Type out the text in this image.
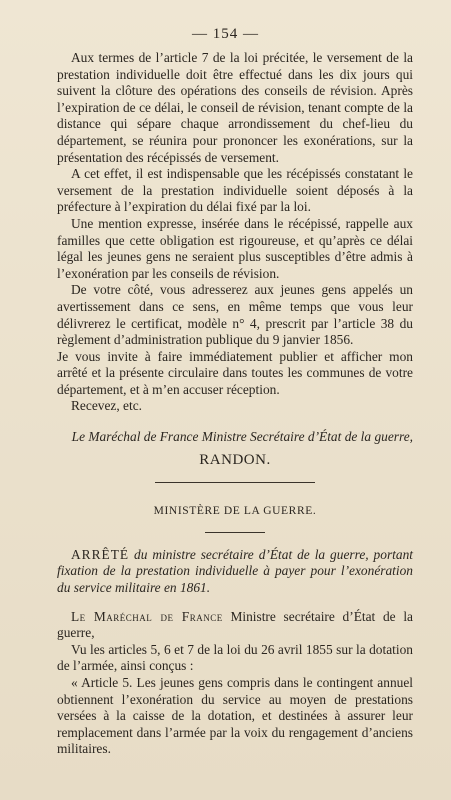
— 154 —

Aux termes de l’article 7 de la loi précitée, le versement de la prestation individuelle doit être effectué dans les dix jours qui suivent la clôture des opérations des conseils de révision. Après l’expiration de ce délai, le conseil de révision, tenant compte de la distance qui sépare chaque arrondissement du chef-lieu du département, se réunira pour prononcer les exonérations, sur la présentation des récépissés de versement.

A cet effet, il est indispensable que les récépissés constatant le versement de la prestation individuelle soient déposés à la préfecture à l’expiration du délai fixé par la loi.

Une mention expresse, insérée dans le récépissé, rappelle aux familles que cette obligation est rigoureuse, et qu’après ce délai légal les jeunes gens ne seraient plus susceptibles d’être admis à l’exonération par les conseils de révision.

De votre côté, vous adresserez aux jeunes gens appelés un avertissement dans ce sens, en même temps que vous leur délivrerez le certificat, modèle n° 4, prescrit par l’article 38 du règlement d’administration publique du 9 janvier 1856.

Je vous invite à faire immédiatement publier et afficher mon arrêté et la présente circulaire dans toutes les communes de votre département, et à m’en accuser réception.

Recevez, etc.

Le Maréchal de France Ministre Secrétaire d’État de la guerre,
RANDON.
MINISTÈRE DE LA GUERRE.

ARRÊTÉ du ministre secrétaire d’État de la guerre, portant fixation de la prestation individuelle à payer pour l’exonération du service militaire en 1861.

Le Maréchal de France Ministre secrétaire d’État de la guerre,

Vu les articles 5, 6 et 7 de la loi du 26 avril 1855 sur la dotation de l’armée, ainsi conçus :

« Article 5. Les jeunes gens compris dans le contingent annuel obtiennent l’exonération du service au moyen de prestations versées à la caisse de la dotation, et destinées à assurer leur remplacement dans l’armée par la voix du rengagement d’anciens militaires.
